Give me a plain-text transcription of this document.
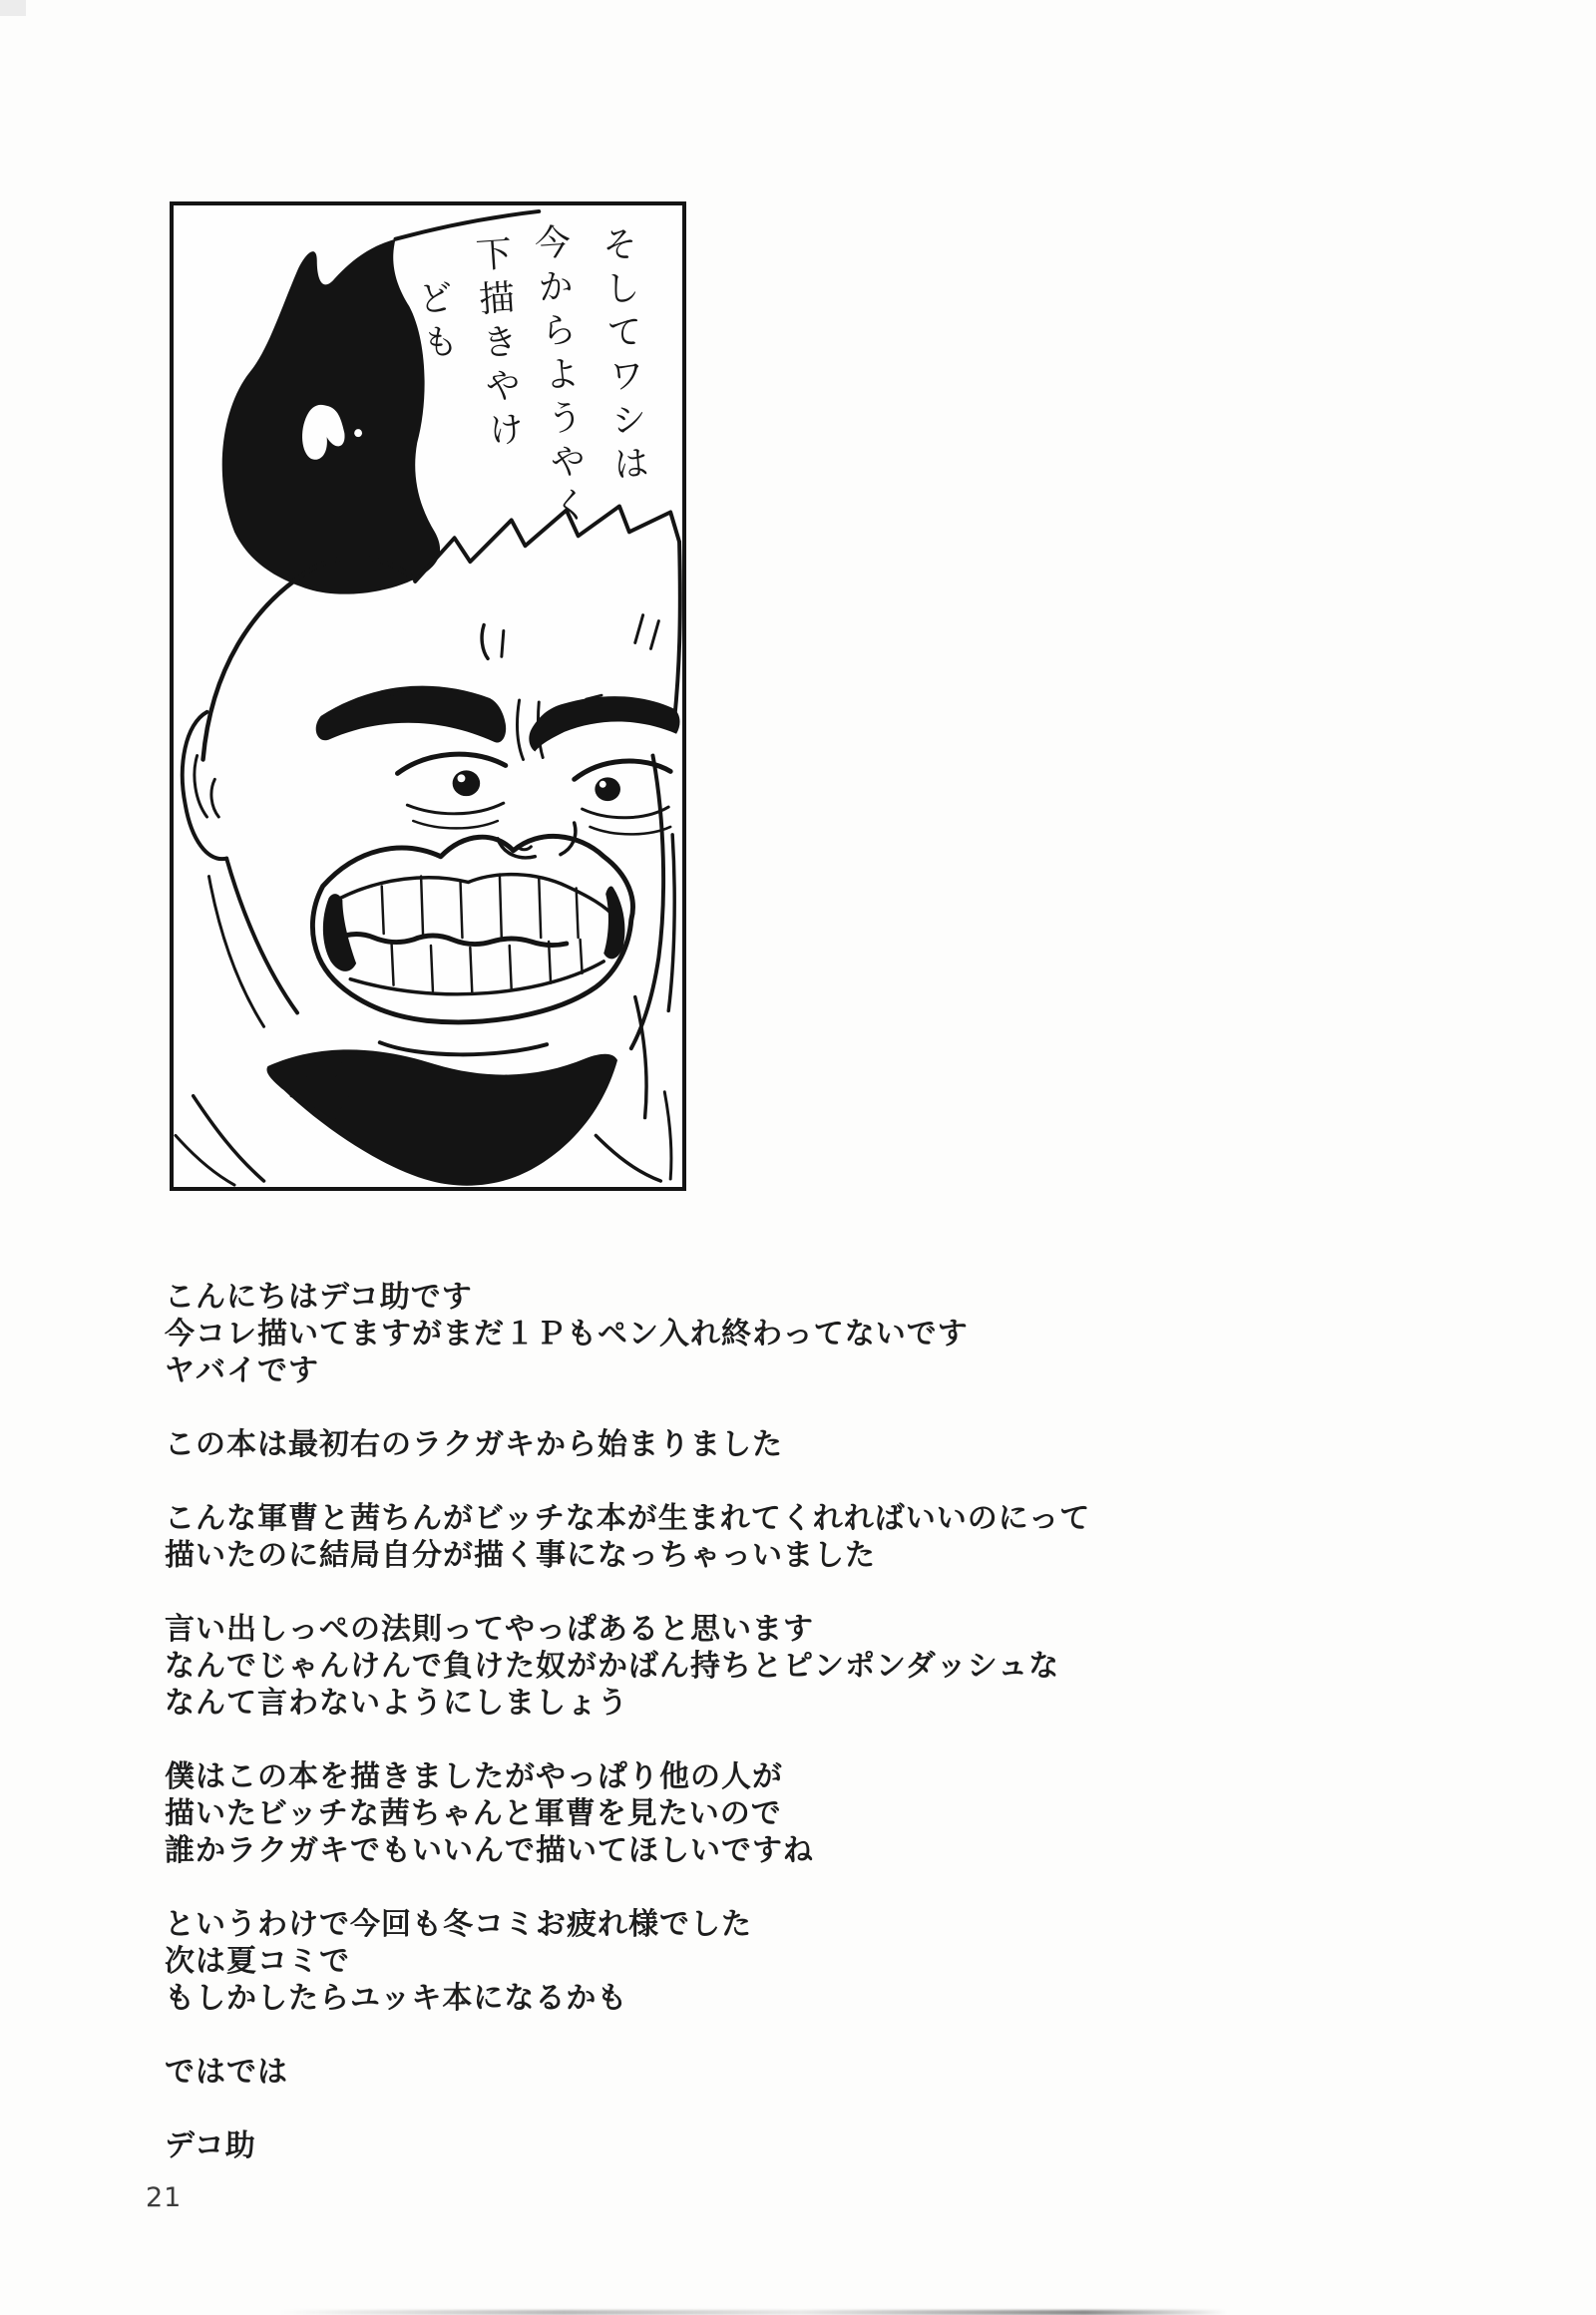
そしてワシは
今からようやく
下描きやけ
ども
こんにちはデコ助です
今コレ描いてますがまだ１Ｐもペン入れ終わってないです
ヤバイです
この本は最初右のラクガキから始まりました
こんな軍曹と茜ちんがビッチな本が生まれてくれればいいのにって
描いたのに結局自分が描く事になっちゃっいました
言い出しっぺの法則ってやっぱあると思います
なんでじゃんけんで負けた奴がかばん持ちとピンポンダッシュな
なんて言わないようにしましょう
僕はこの本を描きましたがやっぱり他の人が
描いたビッチな茜ちゃんと軍曹を見たいので
誰かラクガキでもいいんで描いてほしいですね
というわけで今回も冬コミお疲れ様でした
次は夏コミで
もしかしたらユッキ本になるかも
ではでは
デコ助
21
